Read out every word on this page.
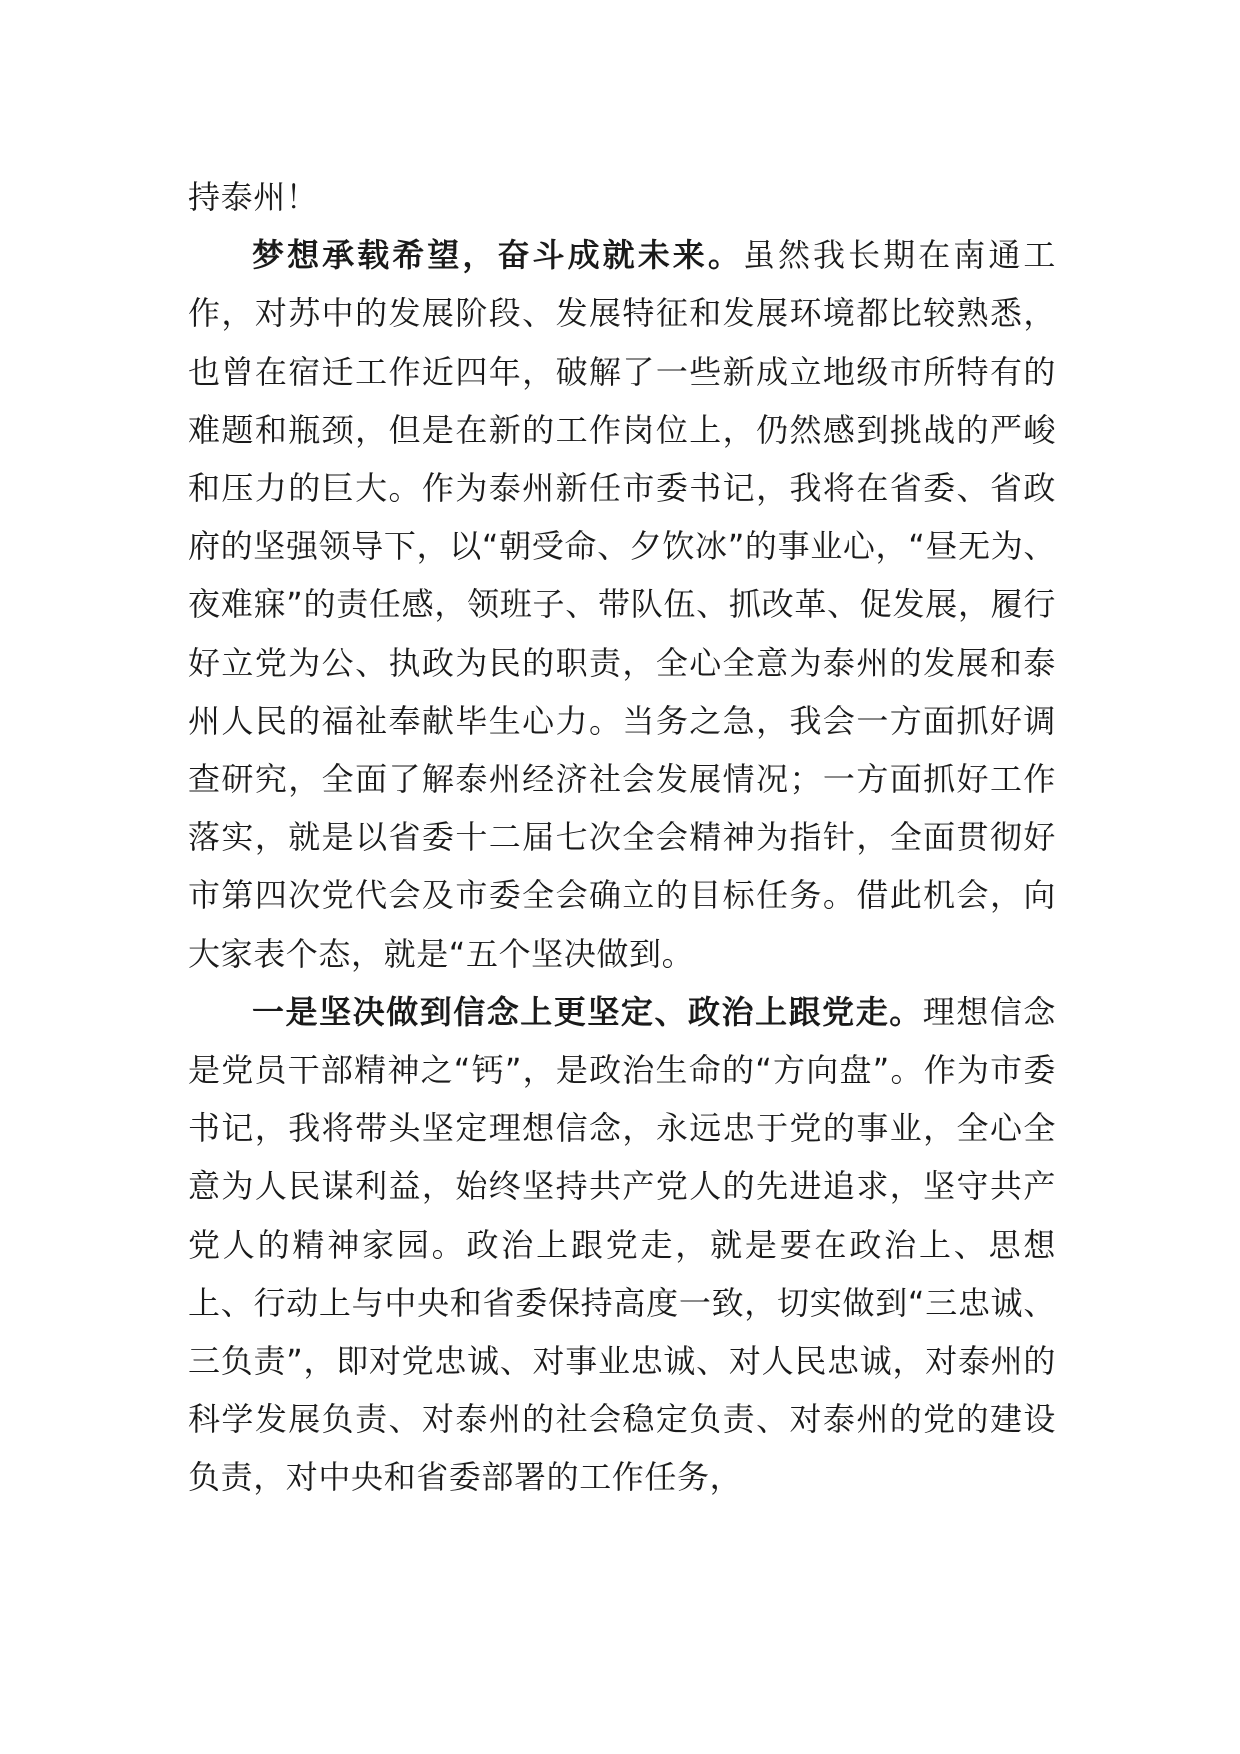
持泰州！

梦想承载希望，奋斗成就未来。虽然我长期在南通工作，对苏中的发展阶段、发展特征和发展环境都比较熟悉，也曾在宿迁工作近四年，破解了一些新成立地级市所特有的难题和瓶颈，但是在新的工作岗位上，仍然感到挑战的严峻和压力的巨大。作为泰州新任市委书记，我将在省委、省政府的坚强领导下，以“朝受命、夕饮冰”的事业心，“昼无为、夜难寐”的责任感，领班子、带队伍、抓改革、促发展，履行好立党为公、执政为民的职责，全心全意为泰州的发展和泰州人民的福祉奉献毕生心力。当务之急，我会一方面抓好调查研究，全面了解泰州经济社会发展情况；一方面抓好工作落实，就是以省委十二届七次全会精神为指针，全面贯彻好市第四次党代会及市委全会确立的目标任务。借此机会，向大家表个态，就是“五个坚决做到。

一是坚决做到信念上更坚定、政治上跟党走。理想信念是党员干部精神之“钙”，是政治生命的“方向盘”。作为市委书记，我将带头坚定理想信念，永远忠于党的事业，全心全意为人民谋利益，始终坚持共产党人的先进追求，坚守共产党人的精神家园。政治上跟党走，就是要在政治上、思想上、行动上与中央和省委保持高度一致，切实做到“三忠诚、三负责”，即对党忠诚、对事业忠诚、对人民忠诚，对泰州的科学发展负责、对泰州的社会稳定负责、对泰州的党的建设负责，对中央和省委部署的工作任务，
